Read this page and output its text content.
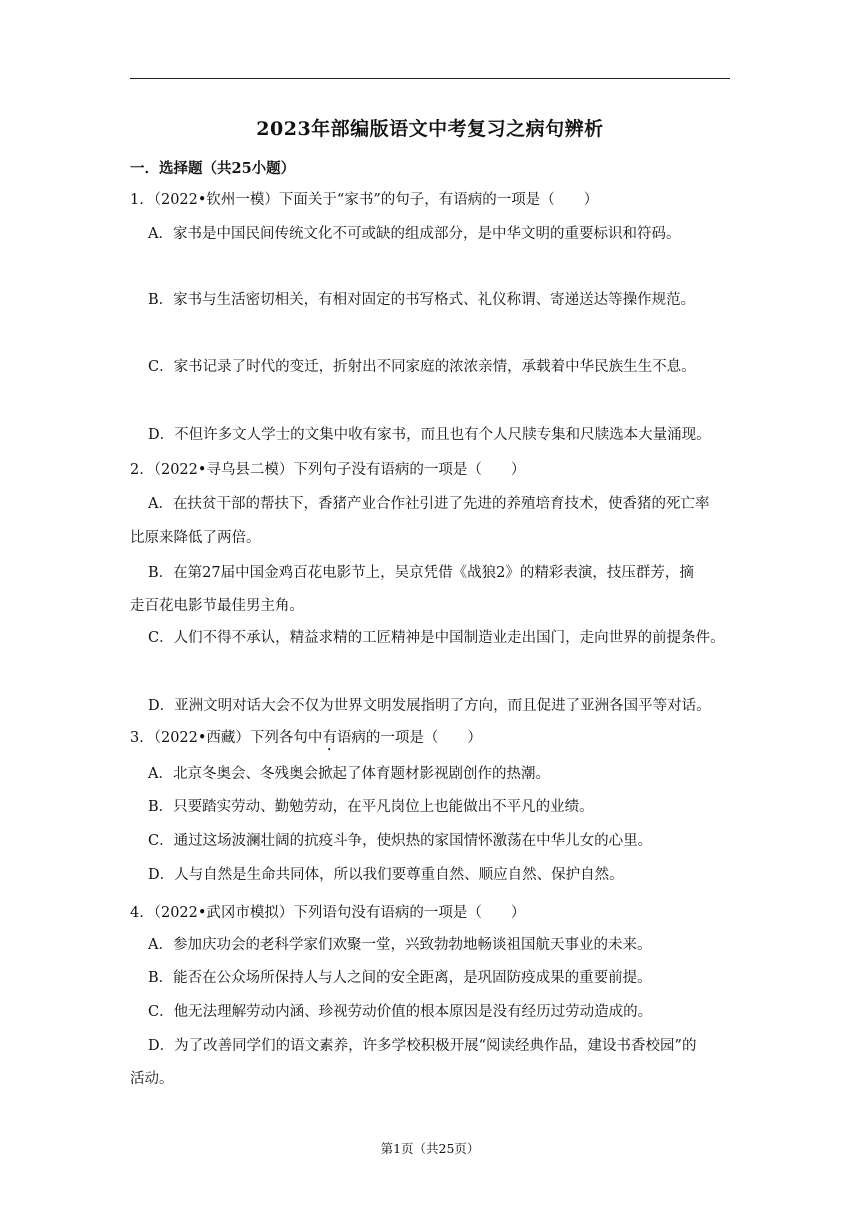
2023年部编版语文中考复习之病句辨析
一．选择题（共25小题）
1．（2022•钦州一模）下面关于“家书”的句子，有语病的一项是（　　）
A．家书是中国民间传统文化不可或缺的组成部分，是中华文明的重要标识和符码。
B．家书与生活密切相关，有相对固定的书写格式、礼仪称谓、寄递送达等操作规范。
C．家书记录了时代的变迁，折射出不同家庭的浓浓亲情，承载着中华民族生生不息。
D．不但许多文人学士的文集中收有家书，而且也有个人尺牍专集和尺牍选本大量涌现。
2．（2022•寻乌县二模）下列句子没有语病的一项是（　　）
A．在扶贫干部的帮扶下，香猪产业合作社引进了先进的养殖培育技术，使香猪的死亡率
比原来降低了两倍。
B．在第27届中国金鸡百花电影节上，吴京凭借《战狼2》的精彩表演，技压群芳，摘
走百花电影节最佳男主角。
C．人们不得不承认，精益求精的工匠精神是中国制造业走出国门，走向世界的前提条件。
D．亚洲文明对话大会不仅为世界文明发展指明了方向，而且促进了亚洲各国平等对话。
3．（2022•西藏）下列各句中有语病的一项是（　　）
A．北京冬奥会、冬残奥会掀起了体育题材影视剧创作的热潮。
B．只要踏实劳动、勤勉劳动，在平凡岗位上也能做出不平凡的业绩。
C．通过这场波澜壮阔的抗疫斗争，使炽热的家国情怀激荡在中华儿女的心里。
D．人与自然是生命共同体，所以我们要尊重自然、顺应自然、保护自然。
4．（2022•武冈市模拟）下列语句没有语病的一项是（　　）
A．参加庆功会的老科学家们欢聚一堂，兴致勃勃地畅谈祖国航天事业的未来。
B．能否在公众场所保持人与人之间的安全距离，是巩固防疫成果的重要前提。
C．他无法理解劳动内涵、珍视劳动价值的根本原因是没有经历过劳动造成的。
D．为了改善同学们的语文素养，许多学校积极开展“阅读经典作品，建设书香校园”的
活动。
第1页（共25页）
